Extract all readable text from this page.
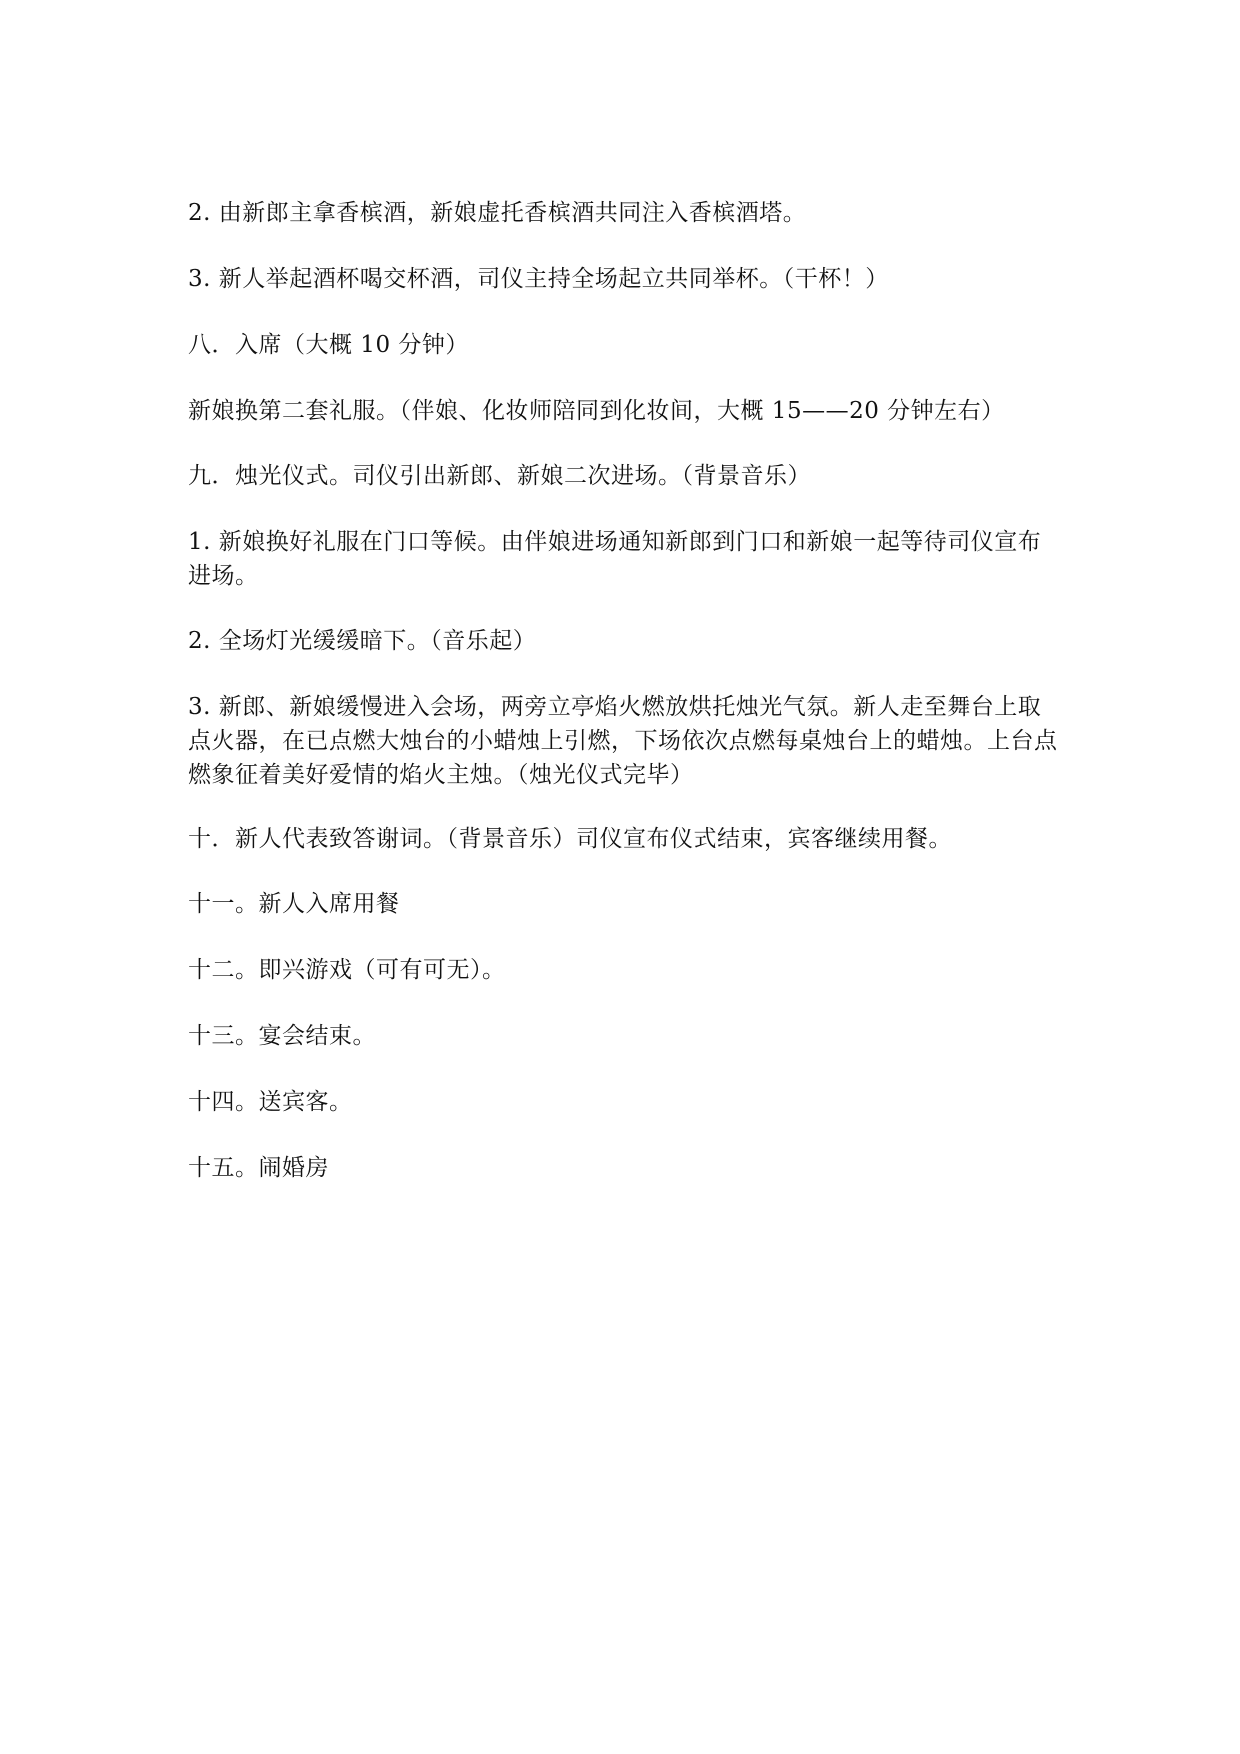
2. 由新郎主拿香槟酒，新娘虚托香槟酒共同注入香槟酒塔。

3. 新人举起酒杯喝交杯酒，司仪主持全场起立共同举杯。（干杯！）

八．入席（大概 10 分钟）

新娘换第二套礼服。（伴娘、化妆师陪同到化妆间，大概 15——20 分钟左右）

九．烛光仪式。司仪引出新郎、新娘二次进场。（背景音乐）

1. 新娘换好礼服在门口等候。由伴娘进场通知新郎到门口和新娘一起等待司仪宣布进场。

2. 全场灯光缓缓暗下。（音乐起）

3. 新郎、新娘缓慢进入会场，两旁立亭焰火燃放烘托烛光气氛。新人走至舞台上取点火器，在已点燃大烛台的小蜡烛上引燃，下场依次点燃每桌烛台上的蜡烛。上台点燃象征着美好爱情的焰火主烛。（烛光仪式完毕）

十．新人代表致答谢词。（背景音乐）司仪宣布仪式结束，宾客继续用餐。

十一。新人入席用餐

十二。即兴游戏（可有可无）。

十三。宴会结束。

十四。送宾客。

十五。闹婚房
